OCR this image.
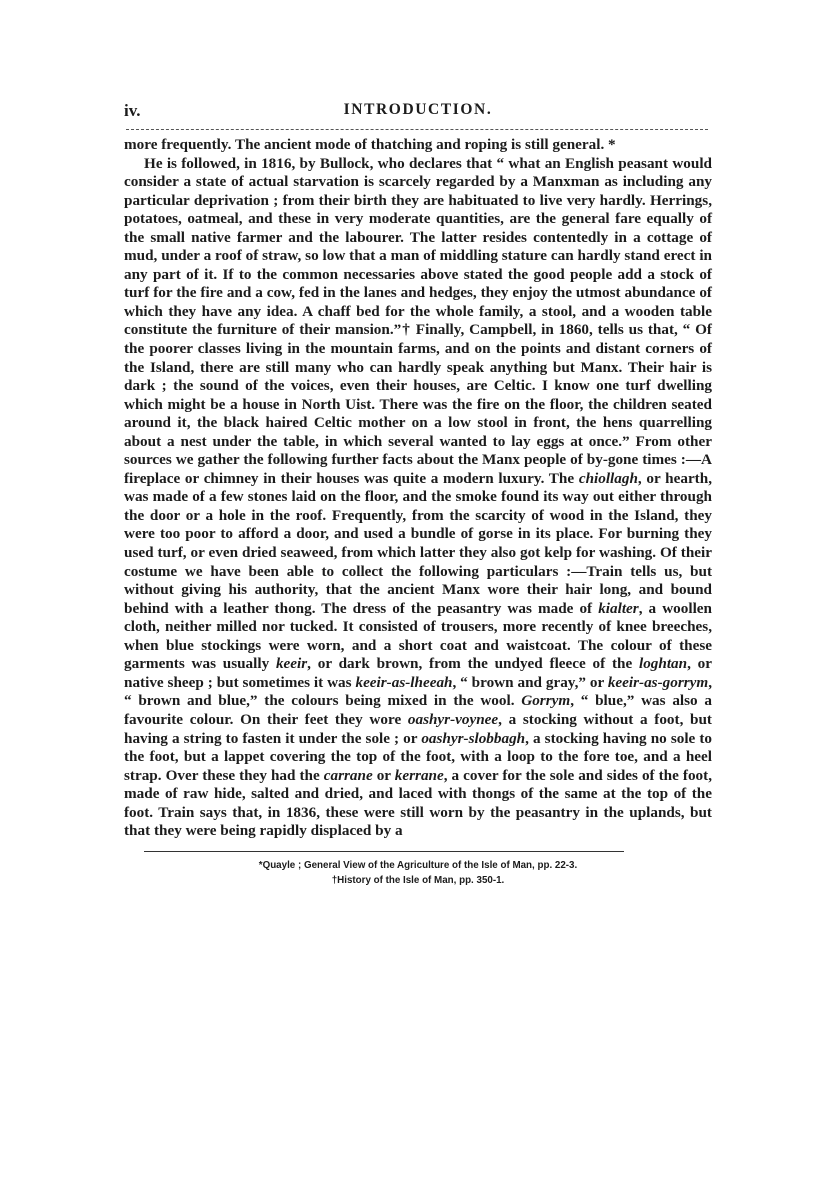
iv.	INTRODUCTION.

more frequently. The ancient mode of thatching and roping is still general. *

He is followed, in 1816, by Bullock, who declares that “ what an English peasant would consider a state of actual starvation is scarcely regarded by a Manxman as including any particular deprivation ; from their birth they are habituated to live very hardly. Herrings, potatoes, oatmeal, and these in very moderate quantities, are the general fare equally of the small native farmer and the labourer. The latter resides contentedly in a cottage of mud, under a roof of straw, so low that a man of middling stature can hardly stand erect in any part of it. If to the common necessaries above stated the good people add a stock of turf for the fire and a cow, fed in the lanes and hedges, they enjoy the utmost abundance of which they have any idea. A chaff bed for the whole family, a stool, and a wooden table constitute the furniture of their mansion.”† Finally, Campbell, in 1860, tells us that, “ Of the poorer classes living in the mountain farms, and on the points and distant corners of the Island, there are still many who can hardly speak anything but Manx. Their hair is dark ; the sound of the voices, even their houses, are Celtic. I know one turf dwelling which might be a house in North Uist. There was the fire on the floor, the children seated around it, the black haired Celtic mother on a low stool in front, the hens quarrelling about a nest under the table, in which several wanted to lay eggs at once.” From other sources we gather the following further facts about the Manx people of by-gone times :—A fireplace or chimney in their houses was quite a modern luxury. The chiollagh, or hearth, was made of a few stones laid on the floor, and the smoke found its way out either through the door or a hole in the roof. Frequently, from the scarcity of wood in the Island, they were too poor to afford a door, and used a bundle of gorse in its place. For burning they used turf, or even dried seaweed, from which latter they also got kelp for washing. Of their costume we have been able to collect the following particulars :—Train tells us, but without giving his authority, that the ancient Manx wore their hair long, and bound behind with a leather thong. The dress of the peasantry was made of kialter, a woollen cloth, neither milled nor tucked. It consisted of trousers, more recently of knee breeches, when blue stockings were worn, and a short coat and waistcoat. The colour of these garments was usually keeir, or dark brown, from the undyed fleece of the loghtan, or native sheep ; but sometimes it was keeir-as-lheeah, “ brown and gray,” or keeir-as-gorrym, “ brown and blue,” the colours being mixed in the wool. Gorrym, “ blue,” was also a favourite colour. On their feet they wore oashyr-voynee, a stocking without a foot, but having a string to fasten it under the sole ; or oashyr-slobbagh, a stocking having no sole to the foot, but a lappet covering the top of the foot, with a loop to the fore toe, and a heel strap. Over these they had the carrane or kerrane, a cover for the sole and sides of the foot, made of raw hide, salted and dried, and laced with thongs of the same at the top of the foot. Train says that, in 1836, these were still worn by the peasantry in the uplands, but that they were being rapidly displaced by a

*Quayle ; General View of the Agriculture of the Isle of Man, pp. 22-3.
†History of the Isle of Man, pp. 350-1.
